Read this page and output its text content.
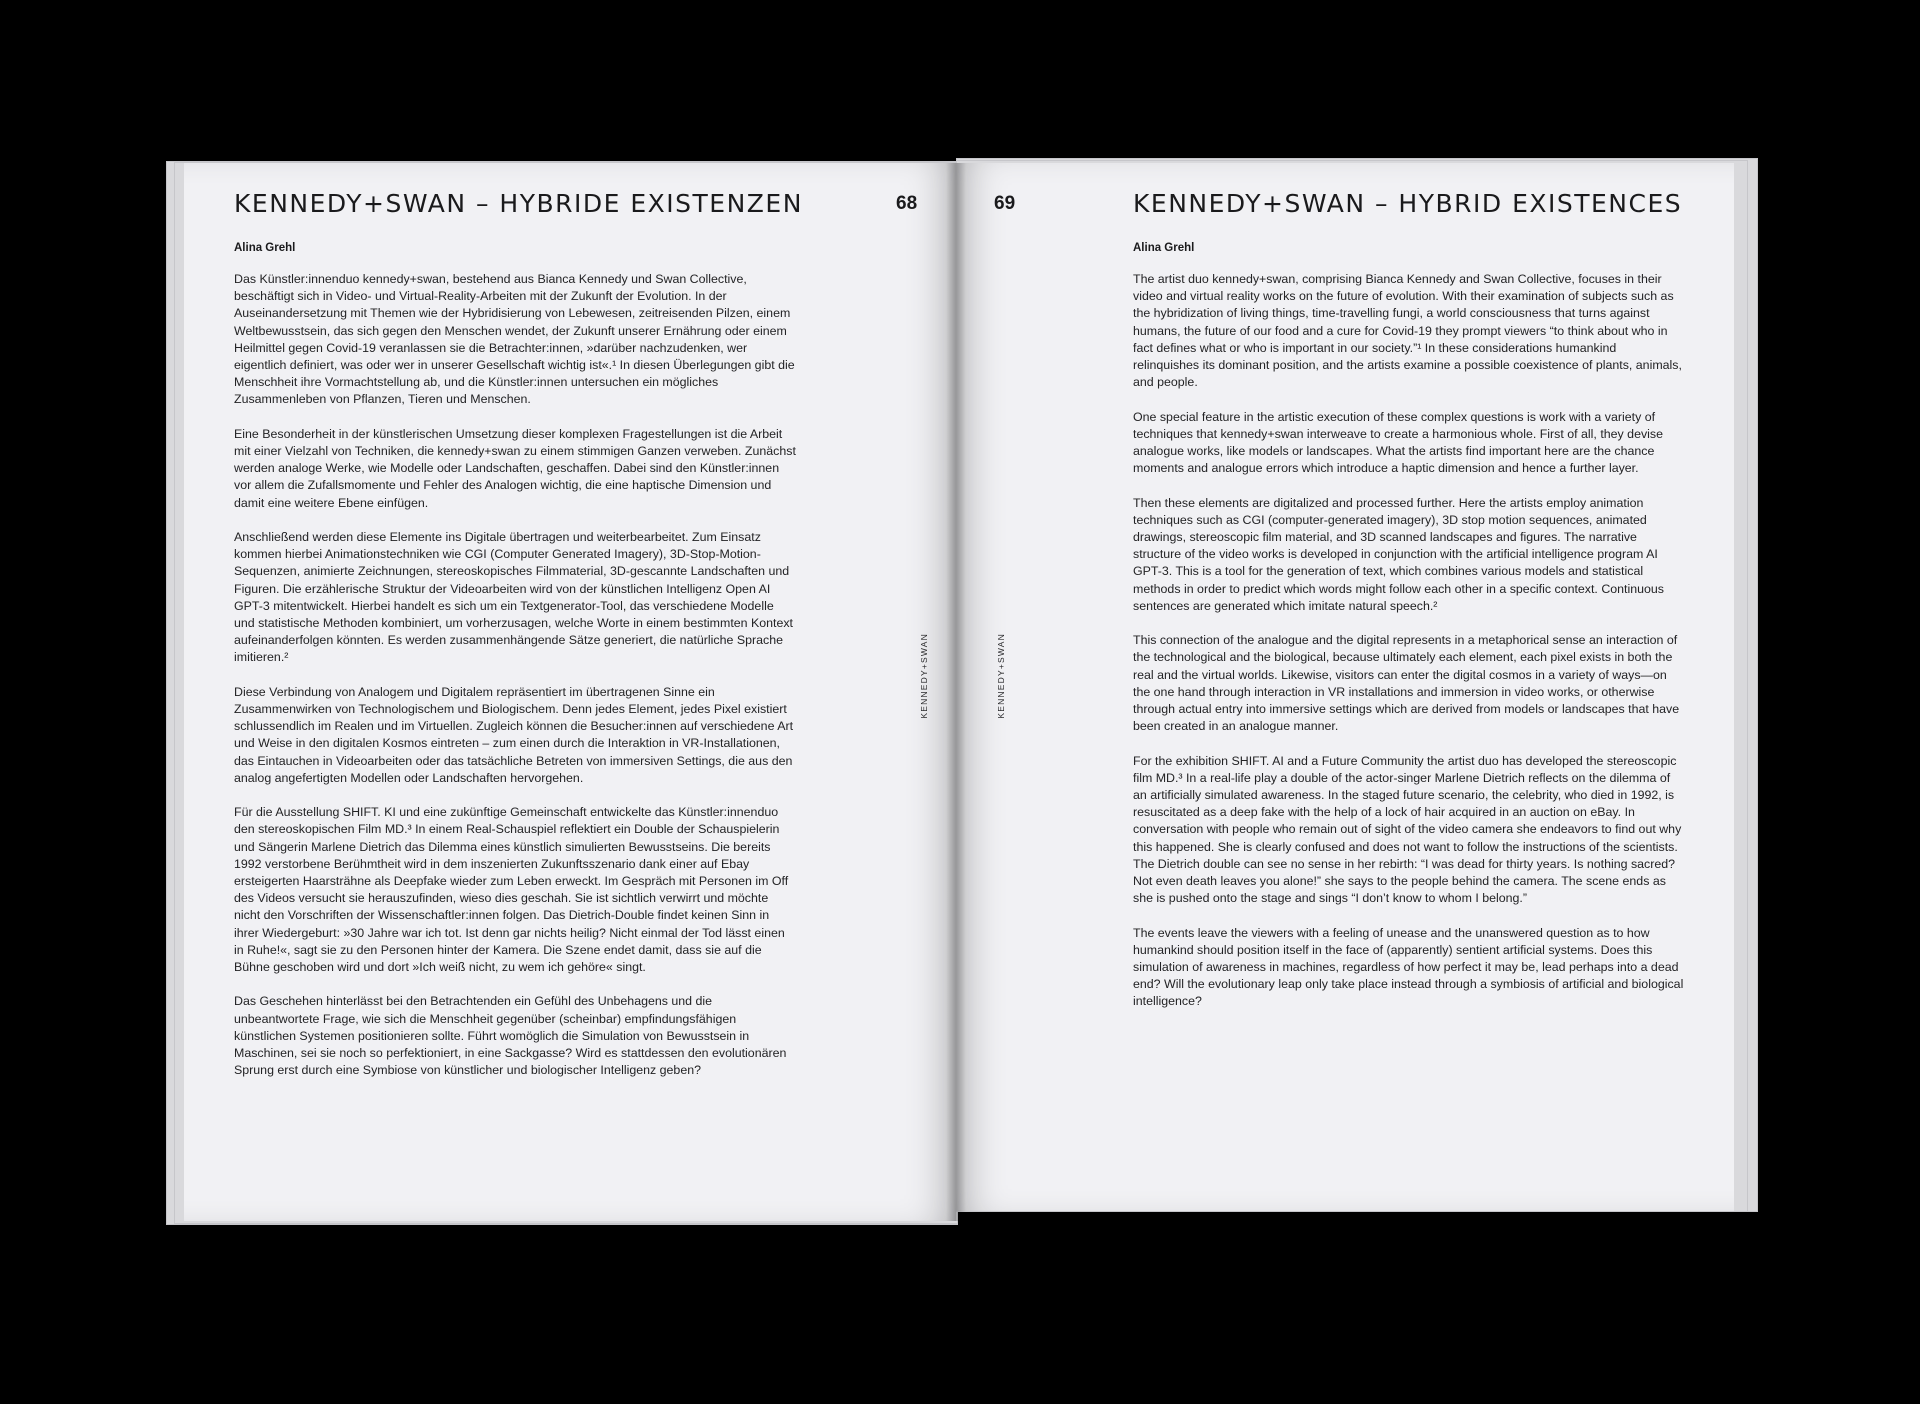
KENNEDY+SWAN – HYBRIDE EXISTENZEN	68
Alina Grehl

Das Künstler:innenduo kennedy+swan, bestehend aus Bianca Kennedy und Swan Collective, beschäftigt sich in Video- und Virtual-Reality-Arbeiten mit der Zukunft der Evolution. In der Auseinandersetzung mit Themen wie der Hybridisierung von Lebewesen, zeitreisenden Pilzen, einem Weltbewusstsein, das sich gegen den Menschen wendet, der Zukunft unserer Ernährung oder einem Heilmittel gegen Covid-19 veranlassen sie die Betrachter:innen, »darüber nachzudenken, wer eigentlich definiert, was oder wer in unserer Gesellschaft wichtig ist«.¹ In diesen Überlegungen gibt die Menschheit ihre Vormachtstellung ab, und die Künstler:innen untersuchen ein mögliches Zusammenleben von Pflanzen, Tieren und Menschen.

Eine Besonderheit in der künstlerischen Umsetzung dieser komplexen Fragestellungen ist die Arbeit mit einer Vielzahl von Techniken, die kennedy+swan zu einem stimmigen Ganzen verweben. Zunächst werden analoge Werke, wie Modelle oder Landschaften, geschaffen. Dabei sind den Künstler:innen vor allem die Zufallsmomente und Fehler des Analogen wichtig, die eine haptische Dimension und damit eine weitere Ebene einfügen.

Anschließend werden diese Elemente ins Digitale übertragen und weiterbearbeitet. Zum Einsatz kommen hierbei Animationstechniken wie CGI (Computer Generated Imagery), 3D-Stop-Motion-Sequenzen, animierte Zeichnungen, stereoskopisches Filmmaterial, 3D-gescannte Landschaften und Figuren. Die erzählerische Struktur der Videoarbeiten wird von der künstlichen Intelligenz Open AI GPT-3 mitentwickelt. Hierbei handelt es sich um ein Textgenerator-Tool, das verschiedene Modelle und statistische Methoden kombiniert, um vorherzusagen, welche Worte in einem bestimmten Kontext aufeinanderfolgen könnten. Es werden zusammenhängende Sätze generiert, die natürliche Sprache imitieren.²

Diese Verbindung von Analogem und Digitalem repräsentiert im übertragenen Sinne ein Zusammenwirken von Technologischem und Biologischem. Denn jedes Element, jedes Pixel existiert schlussendlich im Realen und im Virtuellen. Zugleich können die Besucher:innen auf verschiedene Art und Weise in den digitalen Kosmos eintreten – zum einen durch die Interaktion in VR-Installationen, das Eintauchen in Videoarbeiten oder das tatsächliche Betreten von immersiven Settings, die aus den analog angefertigten Modellen oder Landschaften hervorgehen.

Für die Ausstellung SHIFT. KI und eine zukünftige Gemeinschaft entwickelte das Künstler:innenduo den stereoskopischen Film MD.³ In einem Real-Schauspiel reflektiert ein Double der Schauspielerin und Sängerin Marlene Dietrich das Dilemma eines künstlich simulierten Bewusstseins. Die bereits 1992 verstorbene Berühmtheit wird in dem inszenierten Zukunftsszenario dank einer auf Ebay ersteigerten Haarsträhne als Deepfake wieder zum Leben erweckt. Im Gespräch mit Personen im Off des Videos versucht sie herauszufinden, wieso dies geschah. Sie ist sichtlich verwirrt und möchte nicht den Vorschriften der Wissenschaftler:innen folgen. Das Dietrich-Double findet keinen Sinn in ihrer Wiedergeburt: »30 Jahre war ich tot. Ist denn gar nichts heilig? Nicht einmal der Tod lässt einen in Ruhe!«, sagt sie zu den Personen hinter der Kamera. Die Szene endet damit, dass sie auf die Bühne geschoben wird und dort »Ich weiß nicht, zu wem ich gehöre« singt.

Das Geschehen hinterlässt bei den Betrachtenden ein Gefühl des Unbehagens und die unbeantwortete Frage, wie sich die Menschheit gegenüber (scheinbar) empfindungsfähigen künstlichen Systemen positionieren sollte. Führt womöglich die Simulation von Bewusstsein in Maschinen, sei sie noch so perfektioniert, in eine Sackgasse? Wird es stattdessen den evolutionären Sprung erst durch eine Symbiose von künstlicher und biologischer Intelligenz geben?

KENNEDY+SWAN
69	KENNEDY+SWAN – HYBRID EXISTENCES
Alina Grehl

The artist duo kennedy+swan, comprising Bianca Kennedy and Swan Collective, focuses in their video and virtual reality works on the future of evolution. With their examination of subjects such as the hybridization of living things, time-travelling fungi, a world consciousness that turns against humans, the future of our food and a cure for Covid-19 they prompt viewers “to think about who in fact defines what or who is important in our society.”¹ In these considerations humankind relinquishes its dominant position, and the artists examine a possible coexistence of plants, animals, and people.

One special feature in the artistic execution of these complex questions is work with a variety of techniques that kennedy+swan interweave to create a harmonious whole. First of all, they devise analogue works, like models or landscapes. What the artists find important here are the chance moments and analogue errors which introduce a haptic dimension and hence a further layer.

Then these elements are digitalized and processed further. Here the artists employ animation techniques such as CGI (computer-generated imagery), 3D stop motion sequences, animated drawings, stereoscopic film material, and 3D scanned landscapes and figures. The narrative structure of the video works is developed in conjunction with the artificial intelligence program AI GPT-3. This is a tool for the generation of text, which combines various models and statistical methods in order to predict which words might follow each other in a specific context. Continuous sentences are generated which imitate natural speech.²

This connection of the analogue and the digital represents in a metaphorical sense an interaction of the technological and the biological, because ultimately each element, each pixel exists in both the real and the virtual worlds. Likewise, visitors can enter the digital cosmos in a variety of ways—on the one hand through interaction in VR installations and immersion in video works, or otherwise through actual entry into immersive settings which are derived from models or landscapes that have been created in an analogue manner.

For the exhibition SHIFT. AI and a Future Community the artist duo has developed the stereoscopic film MD.³ In a real-life play a double of the actor-singer Marlene Dietrich reflects on the dilemma of an artificially simulated awareness. In the staged future scenario, the celebrity, who died in 1992, is resuscitated as a deep fake with the help of a lock of hair acquired in an auction on eBay. In conversation with people who remain out of sight of the video camera she endeavors to find out why this happened. She is clearly confused and does not want to follow the instructions of the scientists. The Dietrich double can see no sense in her rebirth: “I was dead for thirty years. Is nothing sacred? Not even death leaves you alone!” she says to the people behind the camera. The scene ends as she is pushed onto the stage and sings “I don’t know to whom I belong.”

The events leave the viewers with a feeling of unease and the unanswered question as to how humankind should position itself in the face of (apparently) sentient artificial systems. Does this simulation of awareness in machines, regardless of how perfect it may be, lead perhaps into a dead end? Will the evolutionary leap only take place instead through a symbiosis of artificial and biological intelligence?

KENNEDY+SWAN
